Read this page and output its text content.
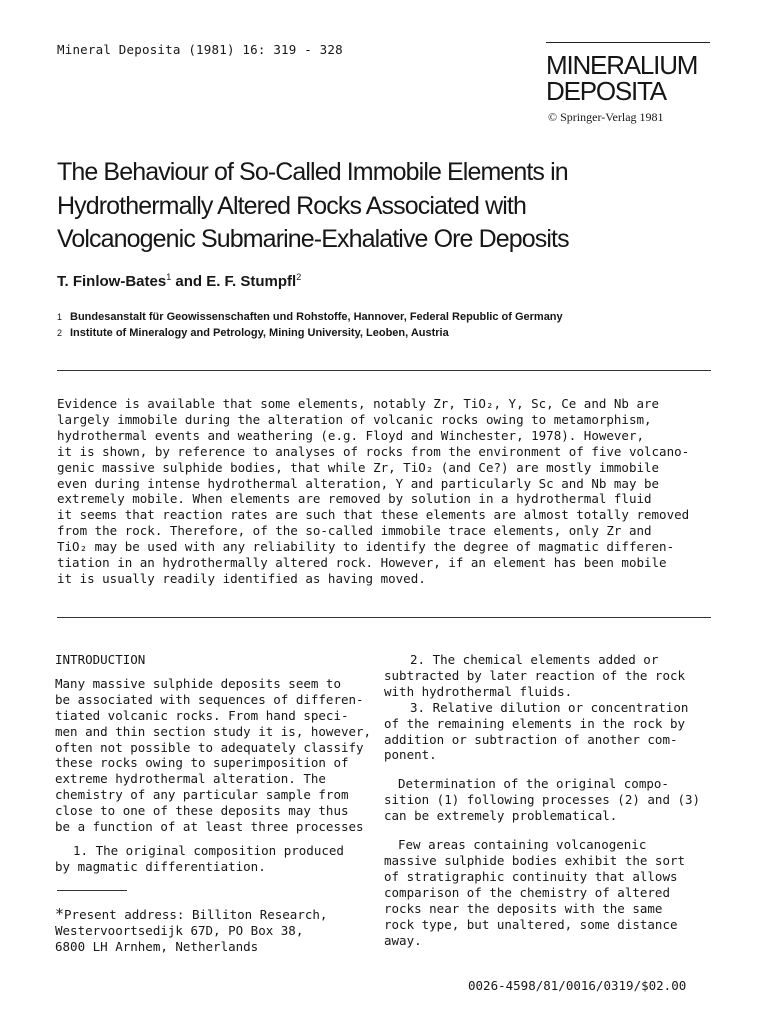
Mineral Deposita (1981) 16: 319 - 328
MINERALIUM
DEPOSITA
© Springer-Verlag 1981
The Behaviour of So-Called Immobile Elements in
Hydrothermally Altered Rocks Associated with
Volcanogenic Submarine-Exhalative Ore Deposits
T. Finlow-Bates$^1$ and E. F. Stumpfl$^2$
1 Bundesanstalt für Geowissenschaften und Rohstoffe, Hannover, Federal Republic of Germany
2 Institute of Mineralogy and Petrology, Mining University, Leoben, Austria
Evidence is available that some elements, notably Zr, TiO₂, Y, Sc, Ce and Nb are
largely immobile during the alteration of volcanic rocks owing to metamorphism,
hydrothermal events and weathering (e.g. Floyd and Winchester, 1978). However,
it is shown, by reference to analyses of rocks from the environment of five volcano-
genic massive sulphide bodies, that while Zr, TiO₂ (and Ce?) are mostly immobile
even during intense hydrothermal alteration, Y and particularly Sc and Nb may be
extremely mobile. When elements are removed by solution in a hydrothermal fluid
it seems that reaction rates are such that these elements are almost totally removed
from the rock. Therefore, of the so-called immobile trace elements, only Zr and
TiO₂ may be used with any reliability to identify the degree of magmatic differen-
tiation in an hydrothermally altered rock. However, if an element has been mobile
it is usually readily identified as having moved.
INTRODUCTION
Many massive sulphide deposits seem to
be associated with sequences of differen-
tiated volcanic rocks. From hand speci-
men and thin section study it is, however,
often not possible to adequately classify
these rocks owing to superimposition of
extreme hydrothermal alteration. The
chemistry of any particular sample from
close to one of these deposits may thus
be a function of at least three processes
1. The original composition produced
by magmatic differentiation.
2. The chemical elements added or
subtracted by later reaction of the rock
with hydrothermal fluids.
3. Relative dilution or concentration
of the remaining elements in the rock by
addition or subtraction of another com-
ponent.
Determination of the original compo-
sition (1) following processes (2) and (3)
can be extremely problematical.
Few areas containing volcanogenic
massive sulphide bodies exhibit the sort
of stratigraphic continuity that allows
comparison of the chemistry of altered
rocks near the deposits with the same
rock type, but unaltered, some distance
away.
*Present address: Billiton Research,
Westervoortsedijk 67D, PO Box 38,
6800 LH Arnhem, Netherlands
0026-4598/81/0016/0319/$02.00
